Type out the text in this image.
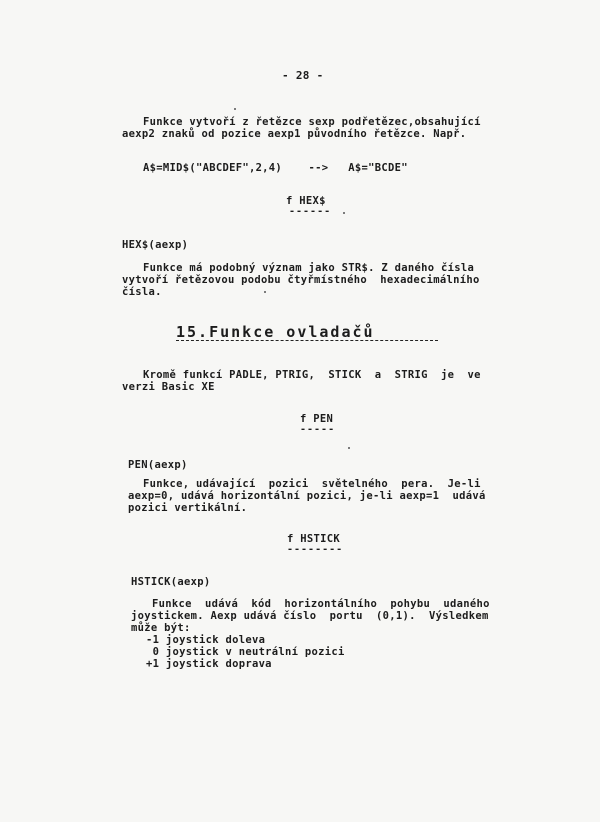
- 28 -
Funkce vytvoří z řetězce sexp podřetězec,obsahující
aexp2 znaků od pozice aexp1 původního řetězce. Např.
A$=MID$("ABCDEF",2,4)    -->   A$="BCDE"
f HEX$
------
HEX$(aexp)
Funkce má podobný význam jako STR$. Z daného čísla
vytvoří řetězovou podobu čtyřmístného  hexadecimálního
čísla.
15.Funkce ovladačů
Kromě funkcí PADLE, PTRIG,  STICK  a  STRIG  je  ve
verzi Basic XE
f PEN
-----
PEN(aexp)
Funkce, udávající  pozici  světelného  pera.  Je-li
aexp=0, udává horizontální pozici, je-li aexp=1  udává
pozici vertikální.
f HSTICK
--------
HSTICK(aexp)
Funkce  udává  kód  horizontálního  pohybu  udaného
joystickem. Aexp udává číslo  portu  (0,1).  Výsledkem
může být:
-1 joystick doleva
0 joystick v neutrální pozici
+1 joystick doprava
